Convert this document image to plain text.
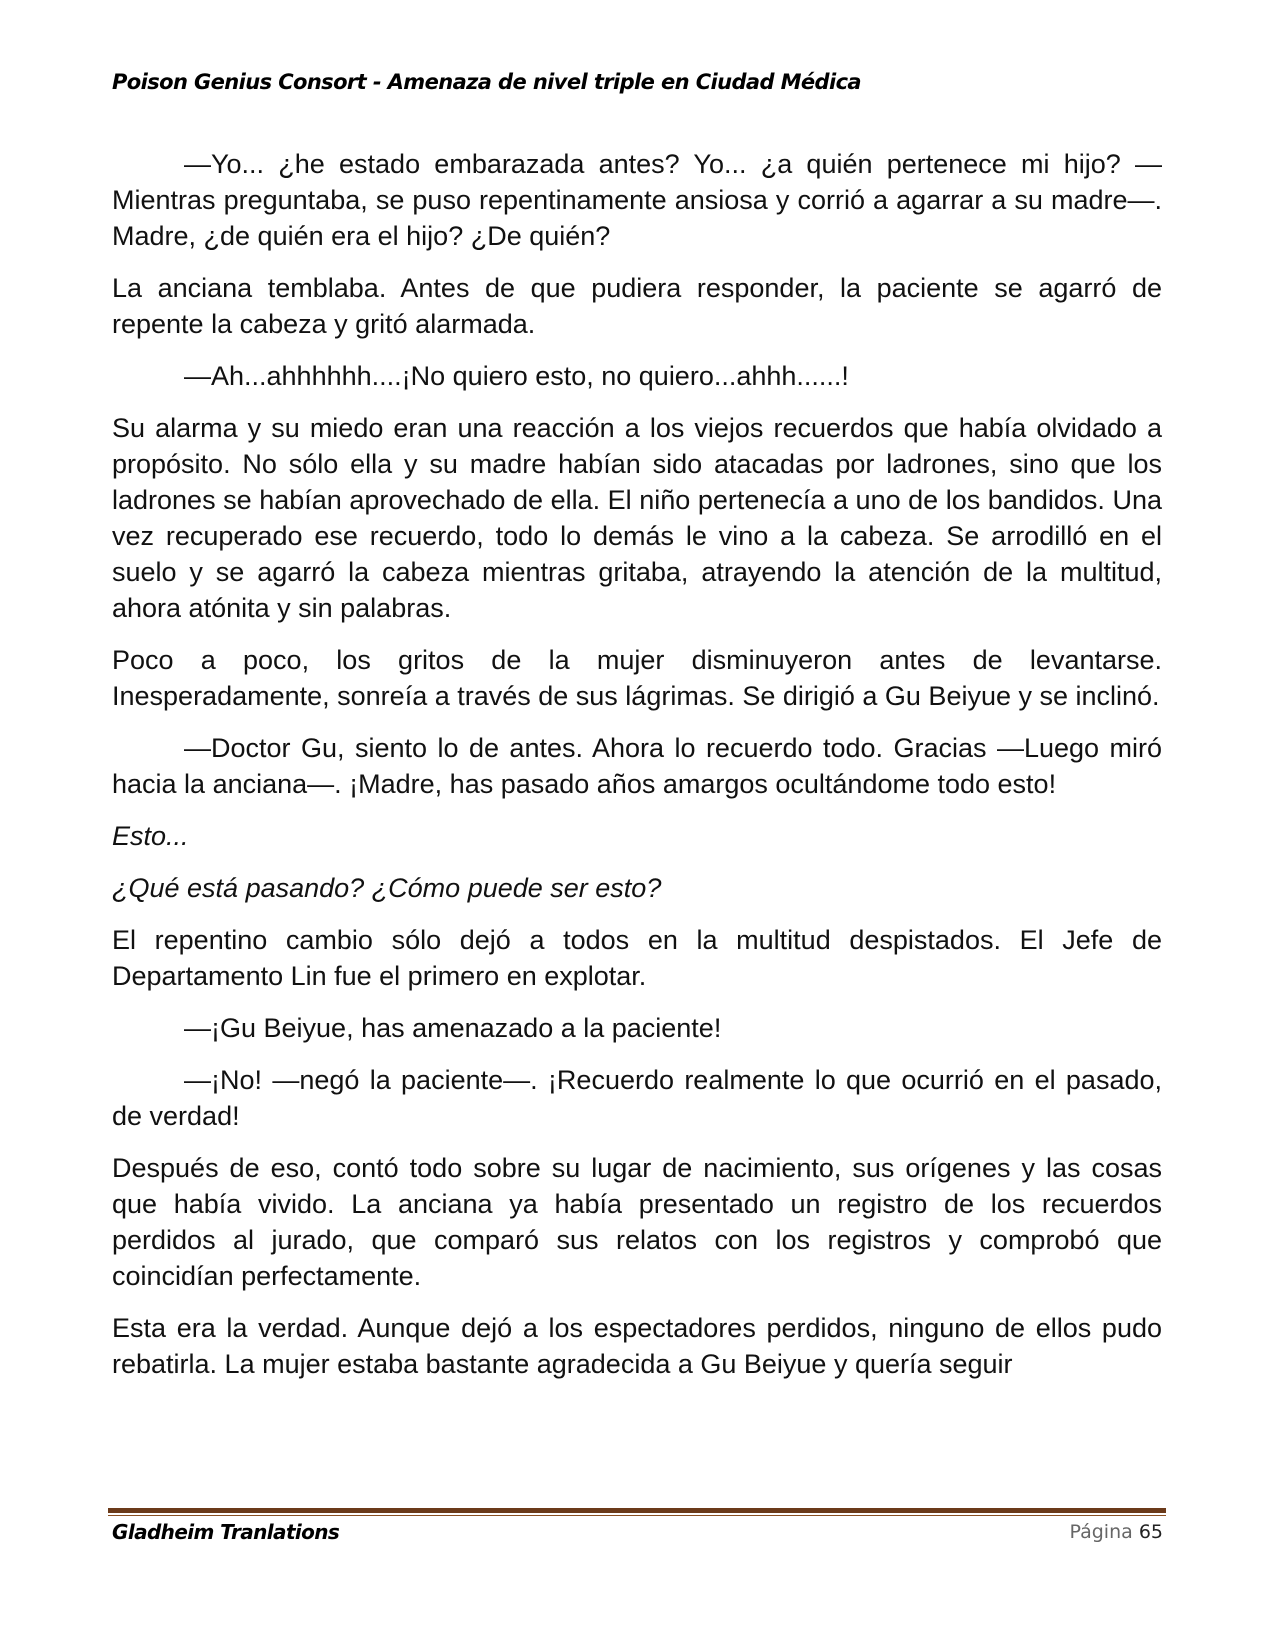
Poison Genius Consort - Amenaza de nivel triple en Ciudad Médica

—Yo... ¿he estado embarazada antes? Yo... ¿a quién pertenece mi hijo? —Mientras preguntaba, se puso repentinamente ansiosa y corrió a agarrar a su madre—. Madre, ¿de quién era el hijo? ¿De quién?

La anciana temblaba. Antes de que pudiera responder, la paciente se agarró de repente la cabeza y gritó alarmada.

—Ah...ahhhhhh....¡No quiero esto, no quiero...ahhh......!

Su alarma y su miedo eran una reacción a los viejos recuerdos que había olvidado a propósito. No sólo ella y su madre habían sido atacadas por ladrones, sino que los ladrones se habían aprovechado de ella. El niño pertenecía a uno de los bandidos. Una vez recuperado ese recuerdo, todo lo demás le vino a la cabeza. Se arrodilló en el suelo y se agarró la cabeza mientras gritaba, atrayendo la atención de la multitud, ahora atónita y sin palabras.

Poco a poco, los gritos de la mujer disminuyeron antes de levantarse. Inesperadamente, sonreía a través de sus lágrimas. Se dirigió a Gu Beiyue y se inclinó.

—Doctor Gu, siento lo de antes. Ahora lo recuerdo todo. Gracias —Luego miró hacia la anciana—. ¡Madre, has pasado años amargos ocultándome todo esto!

Esto...

¿Qué está pasando? ¿Cómo puede ser esto?

El repentino cambio sólo dejó a todos en la multitud despistados. El Jefe de Departamento Lin fue el primero en explotar.

—¡Gu Beiyue, has amenazado a la paciente!

—¡No! —negó la paciente—. ¡Recuerdo realmente lo que ocurrió en el pasado, de verdad!

Después de eso, contó todo sobre su lugar de nacimiento, sus orígenes y las cosas que había vivido. La anciana ya había presentado un registro de los recuerdos perdidos al jurado, que comparó sus relatos con los registros y comprobó que coincidían perfectamente.

Esta era la verdad. Aunque dejó a los espectadores perdidos, ninguno de ellos pudo rebatirla. La mujer estaba bastante agradecida a Gu Beiyue y quería seguir

Gladheim Tranlations	Página 65
